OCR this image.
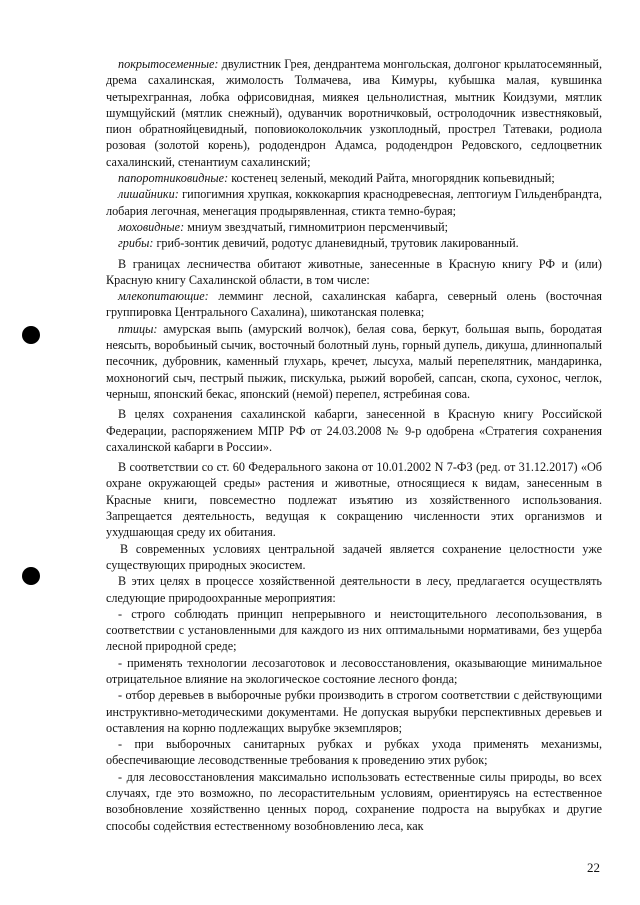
покрытосеменные: двулистник Грея, дендрантема монгольская, долгоног крылатосемянный, дрема сахалинская, жимолость Толмачева, ива Кимуры, кубышка малая, кувшинка четырехгранная, лобка офрисовидная, миякея цельнолистная, мытник Коидзуми, мятлик шумщуйский (мятлик снежный), одуванчик воротничковый, остролодочник известняковый, пион обратнояйцевидный, поповиоколокольчик узкоплодный, прострел Татеваки, родиола розовая (золотой корень), рододендрон Адамса, рододендрон Редовского, седлоцветник сахалинский, стенантиум сахалинский;

папоротниковидные: костенец зеленый, мекодий Райта, многорядник копьевидный;

лишайники: гипогимния хрупкая, коккокарпия краснодревесная, лептогиум Гильденбрандта, лобария легочная, менегация продырявленная, стикта темно-бурая;

моховидные: мниум звездчатый, гимномитрион персменчивый;

грибы: гриб-зонтик девичий, родотус дланевидный, трутовик лакированный.

В границах лесничества обитают животные, занесенные в Красную книгу РФ и (или) Красную книгу Сахалинской области, в том числе:

млекопитающие: лемминг лесной, сахалинская кабарга, северный олень (восточная группировка Центрального Сахалина), шикотанская полевка;

птицы: амурская выпь (амурский волчок), белая сова, беркут, большая выпь, бородатая неясыть, воробьиный сычик, восточный болотный лунь, горный дупель, дикуша, длиннопалый песочник, дубровник, каменный глухарь, кречет, лысуха, малый перепелятник, мандаринка, мохноногий сыч, пестрый пыжик, пискулька, рыжий воробей, сапсан, скопа, сухонос, чеглок, черныш, японский бекас, японский (немой) перепел, ястребиная сова.

В целях сохранения сахалинской кабарги, занесенной в Красную книгу Российской Федерации, распоряжением МПР РФ от 24.03.2008 № 9-р одобрена «Стратегия сохранения сахалинской кабарги в России».

В соответствии со ст. 60 Федерального закона от 10.01.2002 N 7-ФЗ (ред. от 31.12.2017) «Об охране окружающей среды» растения и животные, относящиеся к видам, занесенным в Красные книги, повсеместно подлежат изъятию из хозяйственного использования. Запрещается деятельность, ведущая к сокращению численности этих организмов и ухудшающая среду их обитания.

В современных условиях центральной задачей является сохранение целостности уже существующих природных экосистем.

В этих целях в процессе хозяйственной деятельности в лесу, предлагается осуществлять следующие природоохранные мероприятия:

- строго соблюдать принцип непрерывного и неистощительного лесопользования, в соответствии с установленными для каждого из них оптимальными нормативами, без ущерба лесной природной среде;

- применять технологии лесозаготовок и лесовосстановления, оказывающие минимальное отрицательное влияние на экологическое состояние лесного фонда;

- отбор деревьев в выборочные рубки производить в строгом соответствии с действующими инструктивно-методическими документами. Не допуская вырубки перспективных деревьев и оставления на корню подлежащих вырубке экземпляров;

- при выборочных санитарных рубках и рубках ухода применять механизмы, обеспечивающие лесоводственные требования к проведению этих рубок;

- для лесовосстановления максимально использовать естественные силы природы, во всех случаях, где это возможно, по лесорастительным условиям, ориентируясь на естественное возобновление хозяйственно ценных пород, сохранение подроста на вырубках и другие способы содействия естественному возобновлению леса, как

22
